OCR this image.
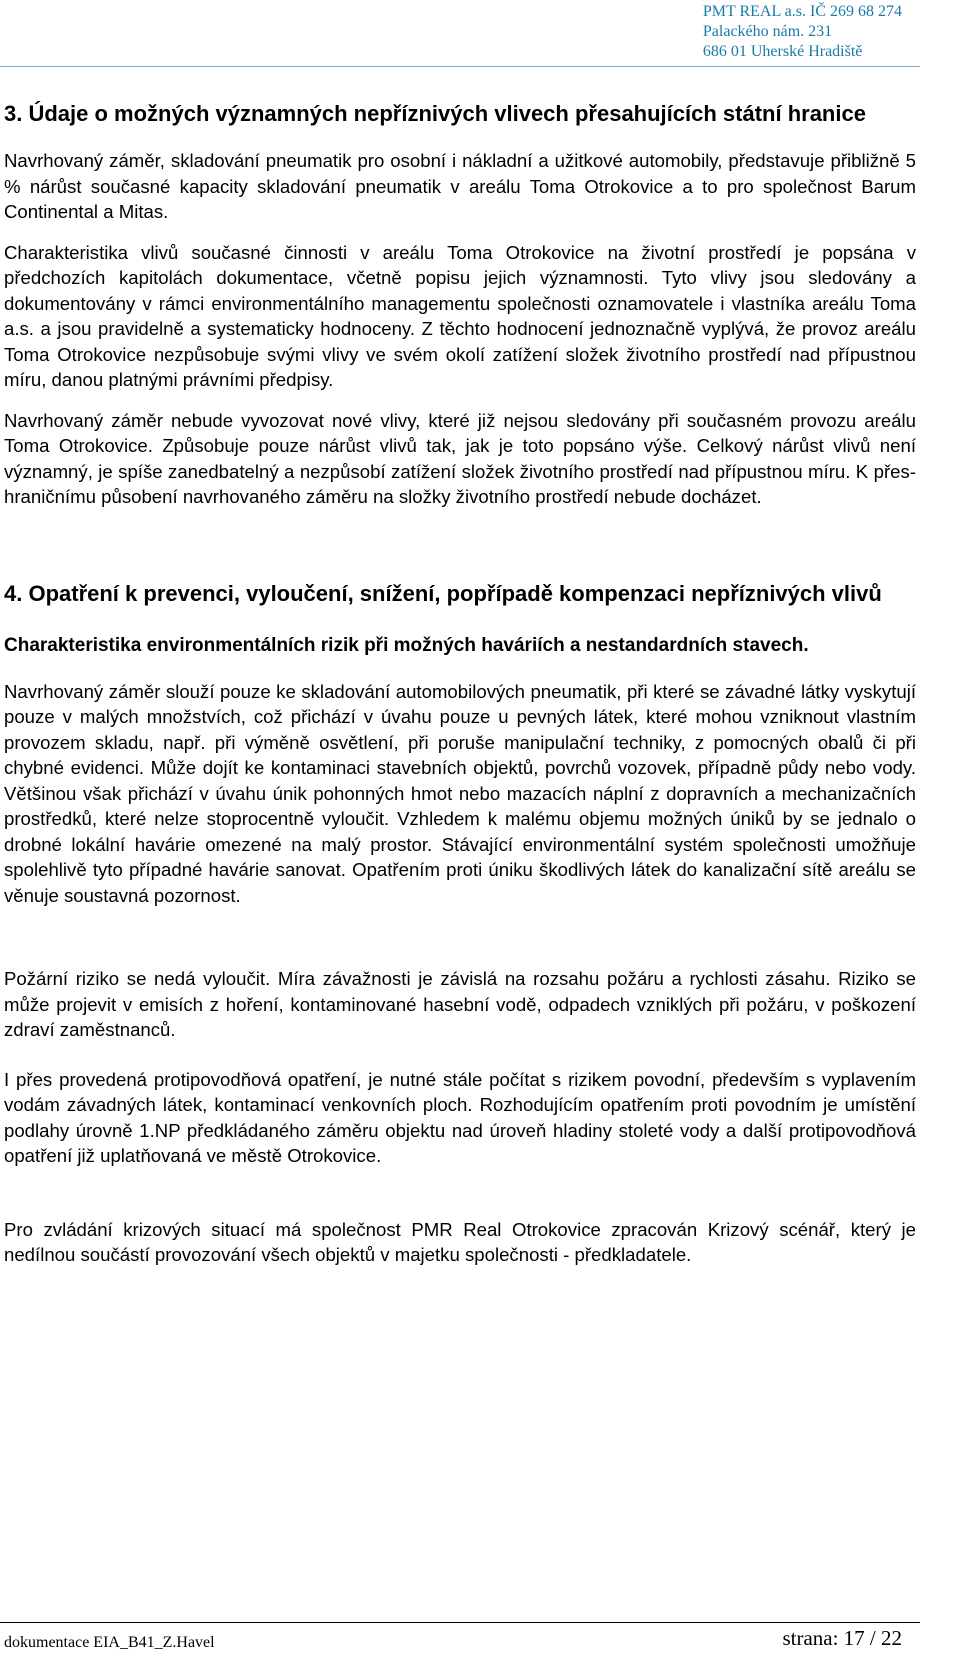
PMT REAL a.s. IČ 269 68 274
Palackého nám. 231
686 01 Uherské Hradiště
3. Údaje o možných významných nepříznivých vlivech přesahujících státní hranice

Navrhovaný záměr, skladování pneumatik pro osobní i nákladní a užitkové automobily, představuje přibližně 5 % nárůst současné kapacity skladování pneumatik v areálu Toma Otrokovice a to pro společnost Barum Continental a Mitas.

Charakteristika vlivů současné činnosti v areálu Toma Otrokovice na životní prostředí je popsána v předchozích kapitolách dokumentace, včetně popisu jejich významnosti. Tyto vlivy jsou sledovány a dokumentovány v rámci environmentálního managementu společnosti oznamovatele i vlastníka areálu Toma a.s. a jsou pravidelně a systematicky hodnoceny. Z těchto hodnocení jednoznačně vyplývá, že provoz areálu Toma Otrokovice nezpůsobuje svými vlivy ve svém okolí zatížení složek životního prostředí nad přípustnou míru, danou platnými právními předpisy.

Navrhovaný záměr nebude vyvozovat nové vlivy, které již nejsou sledovány při současném provozu areálu Toma Otrokovice. Způsobuje pouze nárůst vlivů tak, jak je toto popsáno výše. Celkový nárůst vlivů není významný, je spíše zanedbatelný a nezpůsobí zatížení složek životního prostředí nad přípustnou míru. K přes-hraničnímu působení navrhovaného záměru na složky životního prostředí nebude docházet.

4. Opatření k prevenci, vyloučení, snížení, popřípadě kompenzaci nepříznivých vlivů
Charakteristika environmentálních rizik při možných haváriích a nestandardních stavech.

Navrhovaný záměr slouží pouze ke skladování automobilových pneumatik, při které se závadné látky vyskytují pouze v malých množstvích, což přichází v úvahu pouze u pevných látek, které mohou vzniknout vlastním provozem skladu, např. při výměně osvětlení, při poruše manipulační techniky, z pomocných obalů či při chybné evidenci. Může dojít ke kontaminaci stavebních objektů, povrchů vozovek, případně půdy nebo vody. Většinou však přichází v úvahu únik pohonných hmot nebo mazacích náplní z dopravních a mechanizačních prostředků, které nelze stoprocentně vyloučit. Vzhledem k malému objemu možných úniků by se jednalo o drobné lokální havárie omezené na malý prostor. Stávající environmentální systém společnosti umožňuje spolehlivě tyto případné havárie sanovat. Opatřením proti úniku škodlivých látek do kanalizační sítě areálu se věnuje soustavná pozornost.

Požární riziko se nedá vyloučit. Míra závažnosti je závislá na rozsahu požáru a rychlosti zásahu. Riziko se může projevit v emisích z hoření, kontaminované hasební vodě, odpadech vzniklých při požáru, v poškození zdraví zaměstnanců.

I přes provedená protipovodňová opatření, je nutné stále počítat s rizikem povodní, především s vyplavením vodám závadných látek, kontaminací venkovních ploch. Rozhodujícím opatřením proti povodním je umístění podlahy úrovně 1.NP předkládaného záměru objektu nad úroveň hladiny stoleté vody a další protipovodňová opatření již uplatňovaná ve městě Otrokovice.

Pro zvládání krizových situací má společnost PMR Real Otrokovice zpracován Krizový scénář, který je nedílnou součástí provozování všech objektů v majetku společnosti - předkladatele.

dokumentace EIA_B41_Z.Havel	strana: 17 / 22
